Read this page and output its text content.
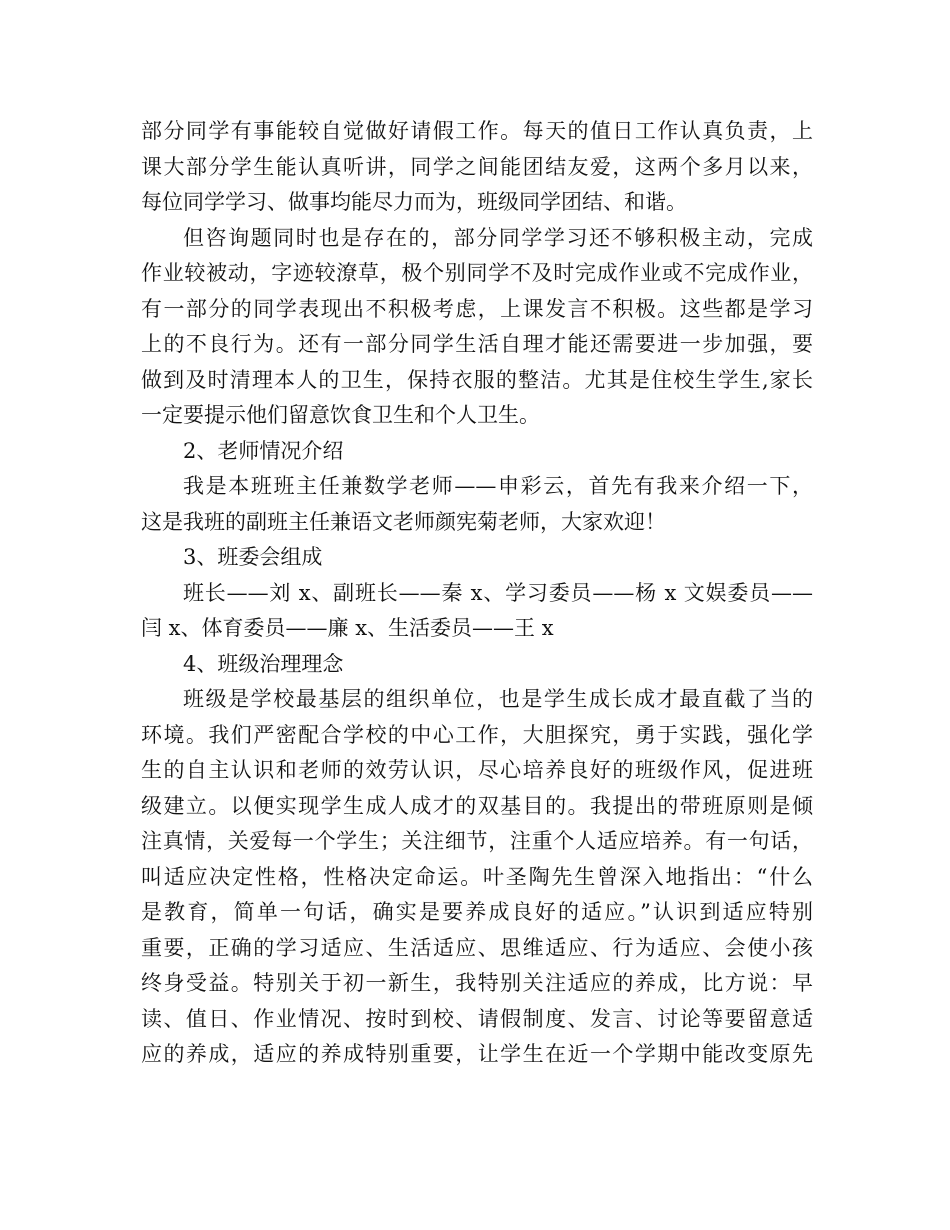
部分同学有事能较自觉做好请假工作。每天的值日工作认真负责，上
课大部分学生能认真听讲，同学之间能团结友爱，这两个多月以来，
每位同学学习、做事均能尽力而为，班级同学团结、和谐。
但咨询题同时也是存在的，部分同学学习还不够积极主动，完成
作业较被动，字迹较潦草，极个别同学不及时完成作业或不完成作业，
有一部分的同学表现出不积极考虑，上课发言不积极。这些都是学习
上的不良行为。还有一部分同学生活自理才能还需要进一步加强，要
做到及时清理本人的卫生，保持衣服的整洁。尤其是住校生学生,家长
一定要提示他们留意饮食卫生和个人卫生。
2、老师情况介绍
我是本班班主任兼数学老师——申彩云，首先有我来介绍一下，
这是我班的副班主任兼语文老师颜宪菊老师，大家欢迎！
3、班委会组成
班长——刘 x、副班长——秦 x、学习委员——杨 x 文娱委员——
闫 x、体育委员——廉 x、生活委员——王 x
4、班级治理理念
班级是学校最基层的组织单位，也是学生成长成才最直截了当的
环境。我们严密配合学校的中心工作，大胆探究，勇于实践，强化学
生的自主认识和老师的效劳认识，尽心培养良好的班级作风，促进班
级建立。以便实现学生成人成才的双基目的。我提出的带班原则是倾
注真情，关爱每一个学生；关注细节，注重个人适应培养。有一句话，
叫适应决定性格，性格决定命运。叶圣陶先生曾深入地指出：“什么
是教育，简单一句话，确实是要养成良好的适应。”认识到适应特别
重要，正确的学习适应、生活适应、思维适应、行为适应、会使小孩
终身受益。特别关于初一新生，我特别关注适应的养成，比方说：早
读、值日、作业情况、按时到校、请假制度、发言、讨论等要留意适
应的养成，适应的养成特别重要，让学生在近一个学期中能改变原先
